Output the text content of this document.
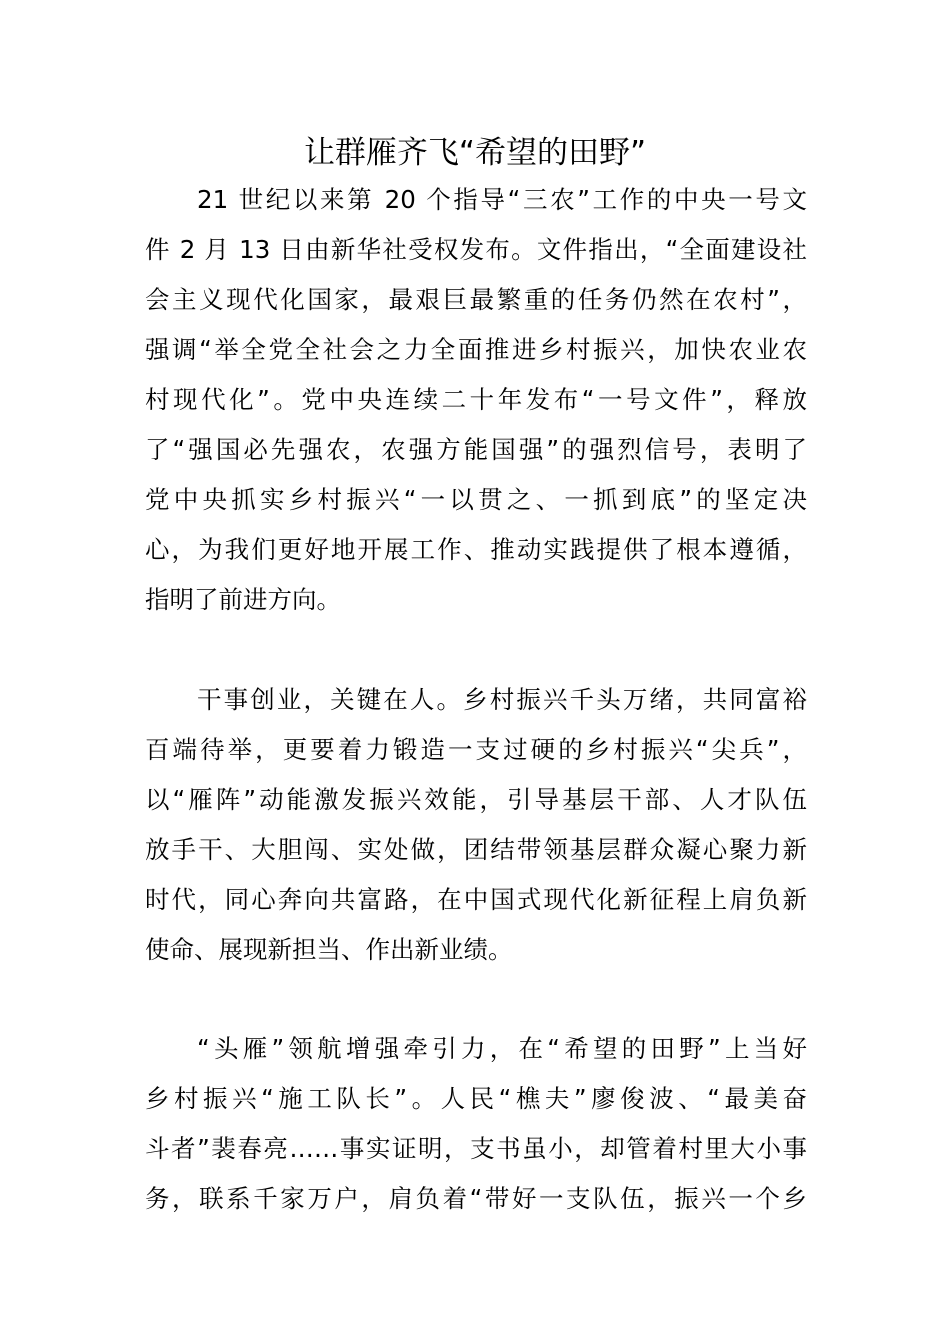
让群雁齐飞“希望的田野”
21 世纪以来第 20 个指导“三农”工作的中央一号文
件 2 月 13 日由新华社受权发布。文件指出，“全面建设社
会主义现代化国家，最艰巨最繁重的任务仍然在农村”，
强调“举全党全社会之力全面推进乡村振兴，加快农业农
村现代化”。党中央连续二十年发布“一号文件”，释放
了“强国必先强农，农强方能国强”的强烈信号，表明了
党中央抓实乡村振兴“一以贯之、一抓到底”的坚定决
心，为我们更好地开展工作、推动实践提供了根本遵循，
指明了前进方向。
干事创业，关键在人。乡村振兴千头万绪，共同富裕
百端待举，更要着力锻造一支过硬的乡村振兴“尖兵”，
以“雁阵”动能激发振兴效能，引导基层干部、人才队伍
放手干、大胆闯、实处做，团结带领基层群众凝心聚力新
时代，同心奔向共富路，在中国式现代化新征程上肩负新
使命、展现新担当、作出新业绩。
“头雁”领航增强牵引力，在“希望的田野”上当好
乡村振兴“施工队长”。人民“樵夫”廖俊波、“最美奋
斗者”裴春亮……事实证明，支书虽小，却管着村里大小事
务，联系千家万户，肩负着“带好一支队伍，振兴一个乡
